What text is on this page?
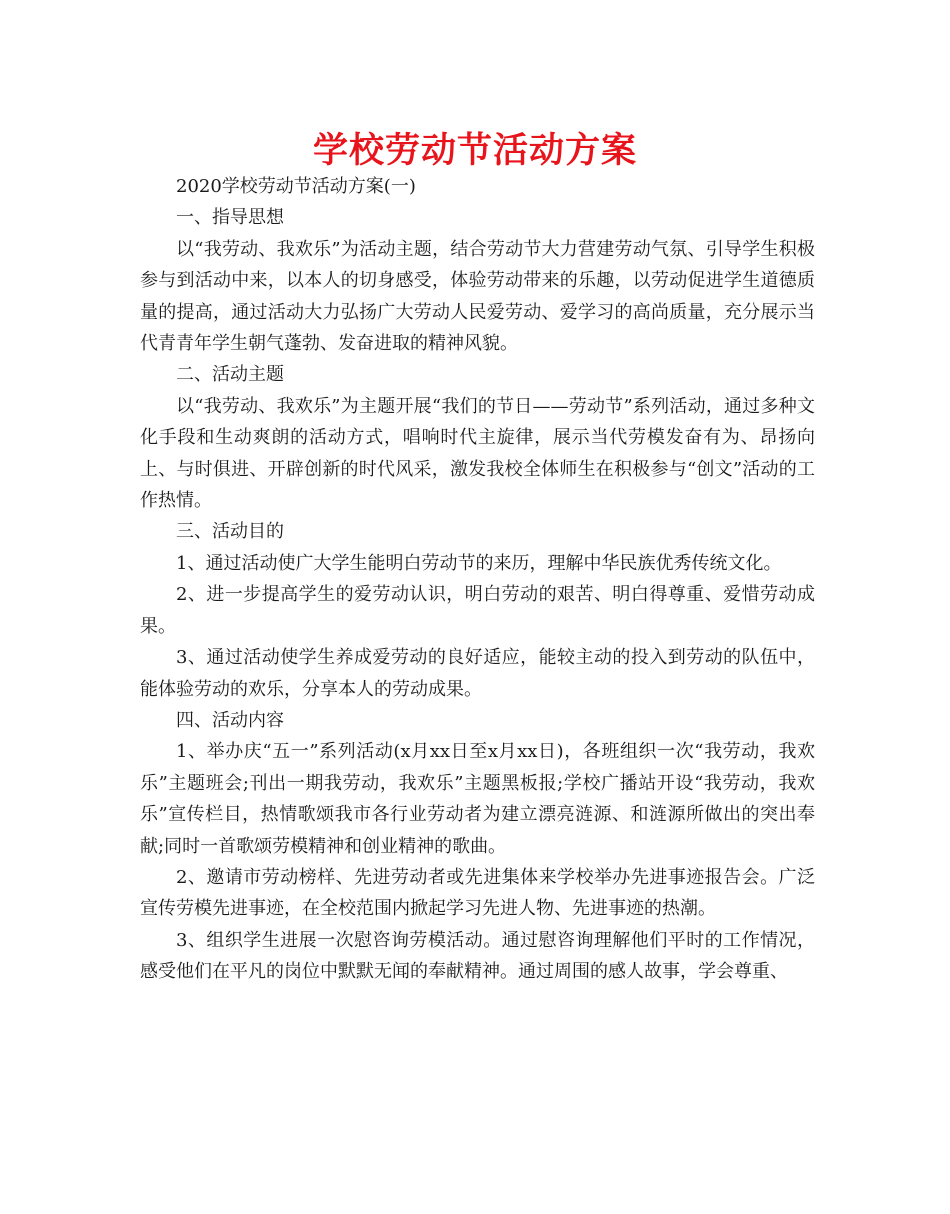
学校劳动节活动方案

2020学校劳动节活动方案(一)

一、指导思想

以“我劳动、我欢乐”为活动主题，结合劳动节大力营建劳动气氛、引导学生积极参与到活动中来，以本人的切身感受，体验劳动带来的乐趣，以劳动促进学生道德质量的提高，通过活动大力弘扬广大劳动人民爱劳动、爱学习的高尚质量，充分展示当代青青年学生朝气蓬勃、发奋进取的精神风貌。

二、活动主题

以“我劳动、我欢乐”为主题开展“我们的节日——劳动节”系列活动，通过多种文化手段和生动爽朗的活动方式，唱响时代主旋律，展示当代劳模发奋有为、昂扬向上、与时俱进、开辟创新的时代风采，激发我校全体师生在积极参与“创文”活动的工作热情。

三、活动目的

1、通过活动使广大学生能明白劳动节的来历，理解中华民族优秀传统文化。

2、进一步提高学生的爱劳动认识，明白劳动的艰苦、明白得尊重、爱惜劳动成果。

3、通过活动使学生养成爱劳动的良好适应，能较主动的投入到劳动的队伍中，能体验劳动的欢乐，分享本人的劳动成果。

四、活动内容

1、举办庆“五一”系列活动(x月xx日至x月xx日)，各班组织一次“我劳动，我欢乐”主题班会;刊出一期我劳动，我欢乐”主题黑板报;学校广播站开设“我劳动，我欢乐”宣传栏目，热情歌颂我市各行业劳动者为建立漂亮涟源、和涟源所做出的突出奉献;同时一首歌颂劳模精神和创业精神的歌曲。

2、邀请市劳动榜样、先进劳动者或先进集体来学校举办先进事迹报告会。广泛宣传劳模先进事迹，在全校范围内掀起学习先进人物、先进事迹的热潮。

3、组织学生进展一次慰咨询劳模活动。通过慰咨询理解他们平时的工作情况，感受他们在平凡的岗位中默默无闻的奉献精神。通过周围的感人故事，学会尊重、
